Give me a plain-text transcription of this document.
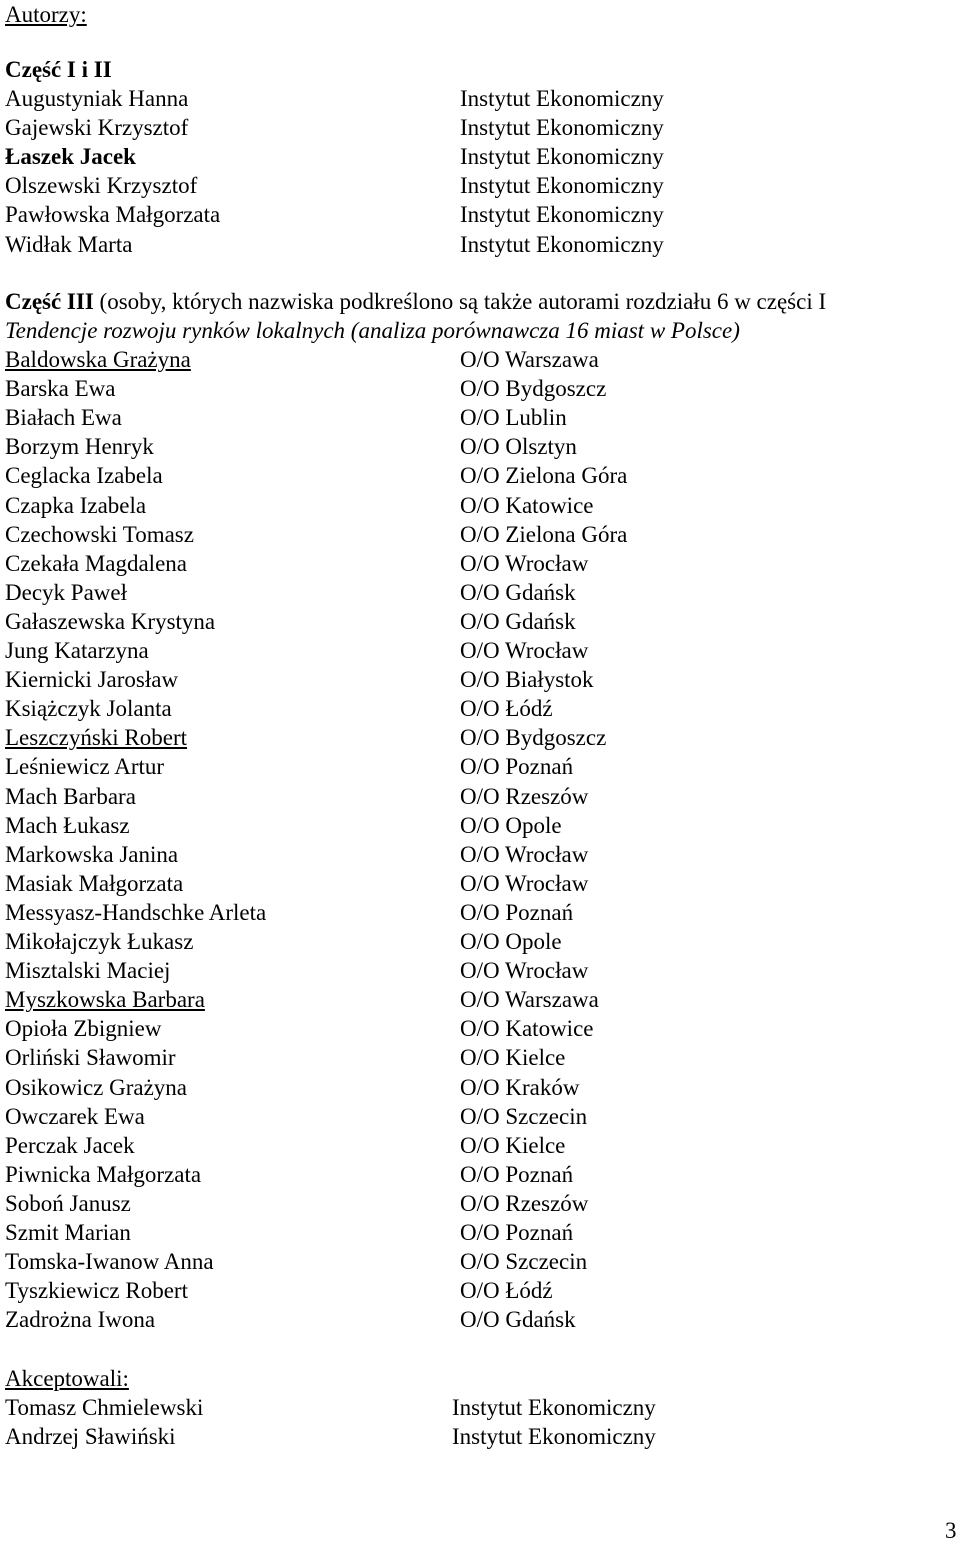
Autorzy:
Część I i II
Augustyniak Hanna	Instytut Ekonomiczny
Gajewski Krzysztof	Instytut Ekonomiczny
Łaszek Jacek	Instytut Ekonomiczny
Olszewski Krzysztof	Instytut Ekonomiczny
Pawłowska Małgorzata	Instytut Ekonomiczny
Widłak Marta	Instytut Ekonomiczny
Część III (osoby, których nazwiska podkreślono są także autorami rozdziału 6 w części I
Tendencje rozwoju rynków lokalnych (analiza porównawcza 16 miast w Polsce)
Baldowska Grażyna	O/O Warszawa
Barska Ewa	O/O Bydgoszcz
Białach Ewa	O/O Lublin
Borzym Henryk	O/O Olsztyn
Ceglacka Izabela	O/O Zielona Góra
Czapka Izabela	O/O Katowice
Czechowski Tomasz	O/O Zielona Góra
Czekała Magdalena	O/O Wrocław
Decyk Paweł	O/O Gdańsk
Gałaszewska Krystyna	O/O Gdańsk
Jung Katarzyna	O/O Wrocław
Kiernicki Jarosław	O/O Białystok
Książczyk Jolanta	O/O Łódź
Leszczyński Robert	O/O Bydgoszcz
Leśniewicz Artur	O/O Poznań
Mach Barbara	O/O Rzeszów
Mach Łukasz	O/O Opole
Markowska Janina	O/O Wrocław
Masiak Małgorzata	O/O Wrocław
Messyasz-Handschke Arleta	O/O Poznań
Mikołajczyk Łukasz	O/O Opole
Misztalski Maciej	O/O Wrocław
Myszkowska Barbara	O/O Warszawa
Opioła Zbigniew	O/O Katowice
Orliński Sławomir	O/O Kielce
Osikowicz Grażyna	O/O Kraków
Owczarek Ewa	O/O Szczecin
Perczak Jacek	O/O Kielce
Piwnicka Małgorzata	O/O Poznań
Soboń Janusz	O/O Rzeszów
Szmit Marian	O/O Poznań
Tomska-Iwanow Anna	O/O Szczecin
Tyszkiewicz Robert	O/O Łódź
Zadrożna Iwona	O/O Gdańsk
Akceptowali:
Tomasz Chmielewski	Instytut Ekonomiczny
Andrzej Sławiński	Instytut Ekonomiczny
3
